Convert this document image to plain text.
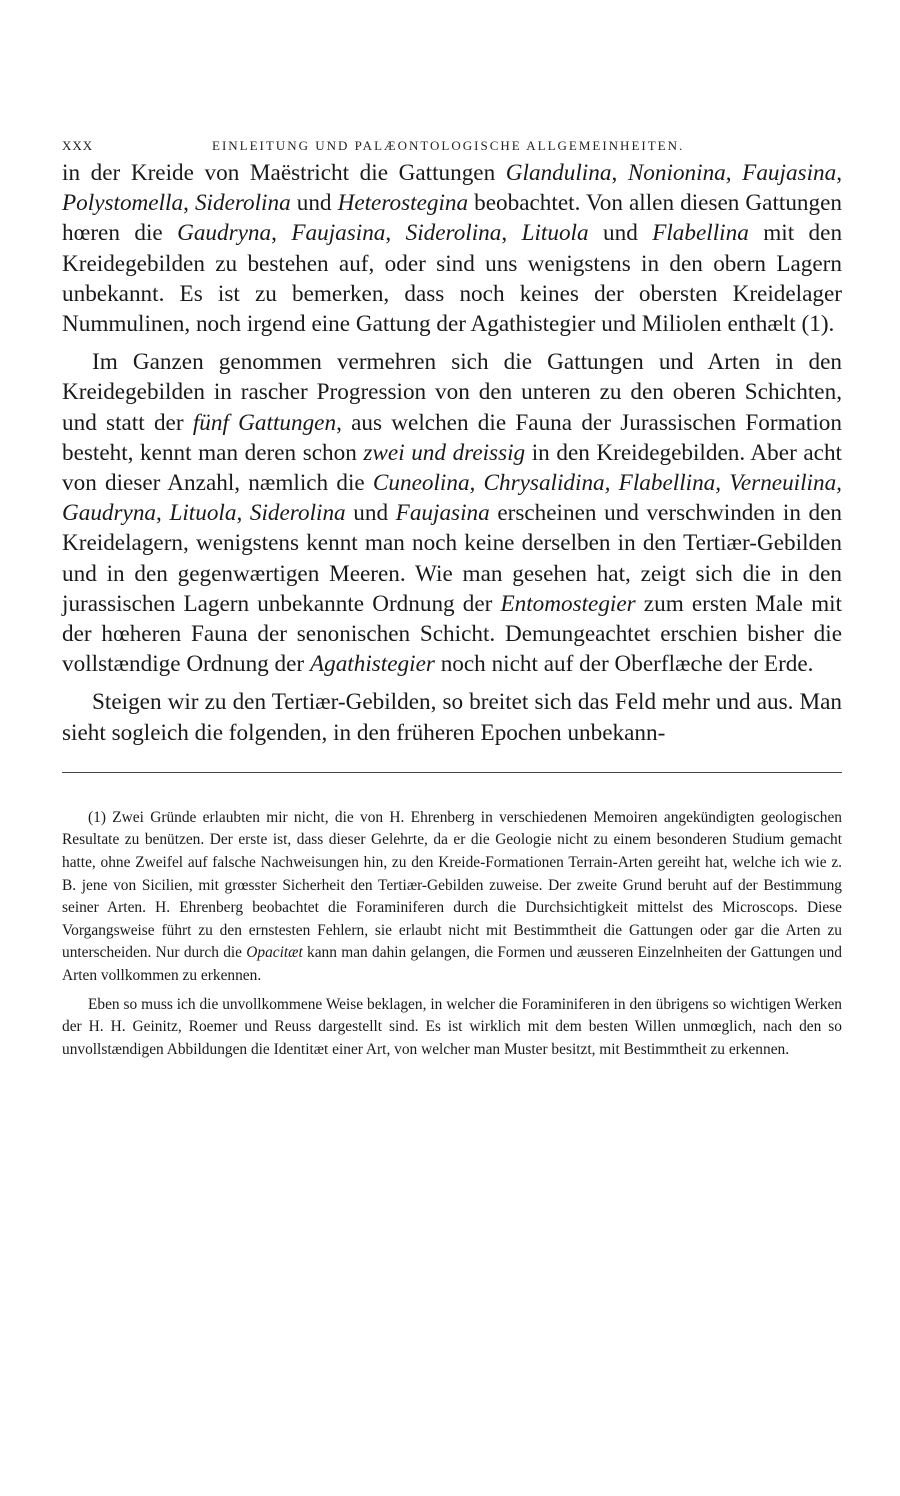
XXX	EINLEITUNG UND PALÆONTOLOGISCHE ALLGEMEINHEITEN.

in der Kreide von Maëstricht die Gattungen Glandulina, Nonionina, Faujasina, Polystomella, Siderolina und Heterostegina beobachtet. Von allen diesen Gattungen hœren die Gaudryna, Faujasina, Siderolina, Lituola und Flabellina mit den Kreidegebilden zu bestehen auf, oder sind uns wenigstens in den obern Lagern unbekannt. Es ist zu bemerken, dass noch keines der obersten Kreidelager Nummulinen, noch irgend eine Gattung der Agathistegier und Miliolen enthælt (1).

Im Ganzen genommen vermehren sich die Gattungen und Arten in den Kreidegebilden in rascher Progression von den unteren zu den oberen Schichten, und statt der fünf Gattungen, aus welchen die Fauna der Jurassischen Formation besteht, kennt man deren schon zwei und dreissig in den Kreidegebilden. Aber acht von dieser Anzahl, næmlich die Cuneolina, Chrysalidina, Flabellina, Verneuilina, Gaudryna, Lituola, Siderolina und Faujasina erscheinen und verschwinden in den Kreidelagern, wenigstens kennt man noch keine derselben in den Tertiær-Gebilden und in den gegenwærtigen Meeren. Wie man gesehen hat, zeigt sich die in den jurassischen Lagern unbekannte Ordnung der Entomostegier zum ersten Male mit der hœheren Fauna der senonischen Schicht. Demungeachtet erschien bisher die vollstændige Ordnung der Agathistegier noch nicht auf der Oberflæche der Erde.

Steigen wir zu den Tertiær-Gebilden, so breitet sich das Feld mehr und aus. Man sieht sogleich die folgenden, in den früheren Epochen unbekann-

(1) Zwei Gründe erlaubten mir nicht, die von H. Ehrenberg in verschiedenen Memoiren angekündigten geologischen Resultate zu benützen. Der erste ist, dass dieser Gelehrte, da er die Geologie nicht zu einem besonderen Studium gemacht hatte, ohne Zweifel auf falsche Nachweisungen hin, zu den Kreide-Formationen Terrain-Arten gereiht hat, welche ich wie z. B. jene von Sicilien, mit grœsster Sicherheit den Tertiær-Gebilden zuweise. Der zweite Grund beruht auf der Bestimmung seiner Arten. H. Ehrenberg beobachtet die Foraminiferen durch die Durchsichtigkeit mittelst des Microscops. Diese Vorgangsweise führt zu den ernstesten Fehlern, sie erlaubt nicht mit Bestimmtheit die Gattungen oder gar die Arten zu unterscheiden. Nur durch die Opacitæt kann man dahin gelangen, die Formen und æusseren Einzelnheiten der Gattungen und Arten vollkommen zu erkennen.

Eben so muss ich die unvollkommene Weise beklagen, in welcher die Foraminiferen in den übrigens so wichtigen Werken der H. H. Geinitz, Roemer und Reuss dargestellt sind. Es ist wirklich mit dem besten Willen unmœglich, nach den so unvollstændigen Abbildungen die Identitæt einer Art, von welcher man Muster besitzt, mit Bestimmtheit zu erkennen.
